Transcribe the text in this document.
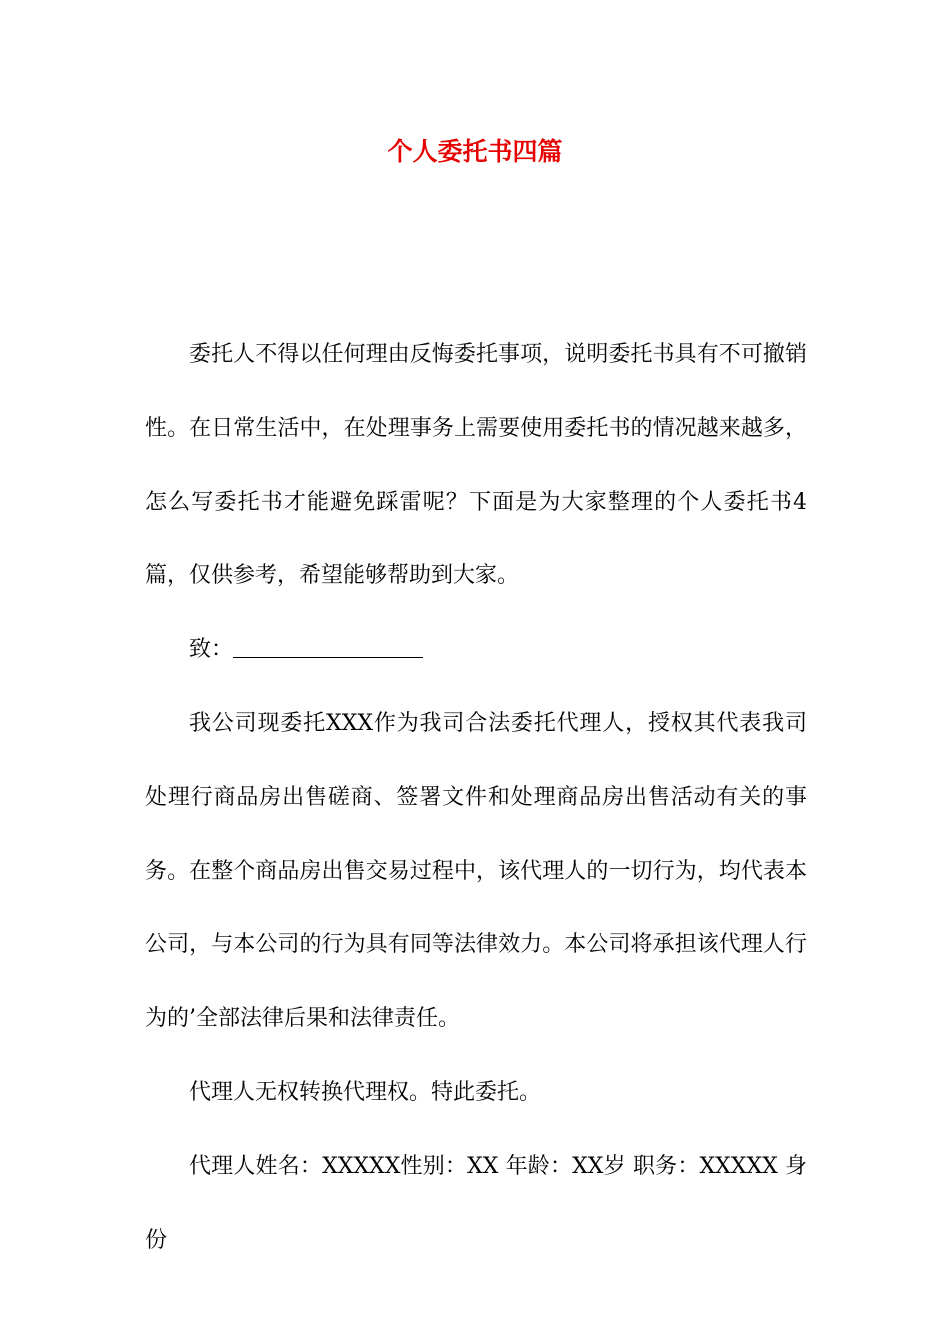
个人委托书四篇

委托人不得以任何理由反悔委托事项，说明委托书具有不可撤销性。在日常生活中，在处理事务上需要使用委托书的情况越来越多，怎么写委托书才能避免踩雷呢？下面是为大家整理的个人委托书4篇，仅供参考，希望能够帮助到大家。

致：

我公司现委托XXX作为我司合法委托代理人，授权其代表我司处理行商品房出售磋商、签署文件和处理商品房出售活动有关的事务。在整个商品房出售交易过程中，该代理人的一切行为，均代表本公司，与本公司的行为具有同等法律效力。本公司将承担该代理人行为的’全部法律后果和法律责任。

代理人无权转换代理权。特此委托。

代理人姓名：XXXXX性别：XX 年龄：XX岁 职务：XXXXX 身份
